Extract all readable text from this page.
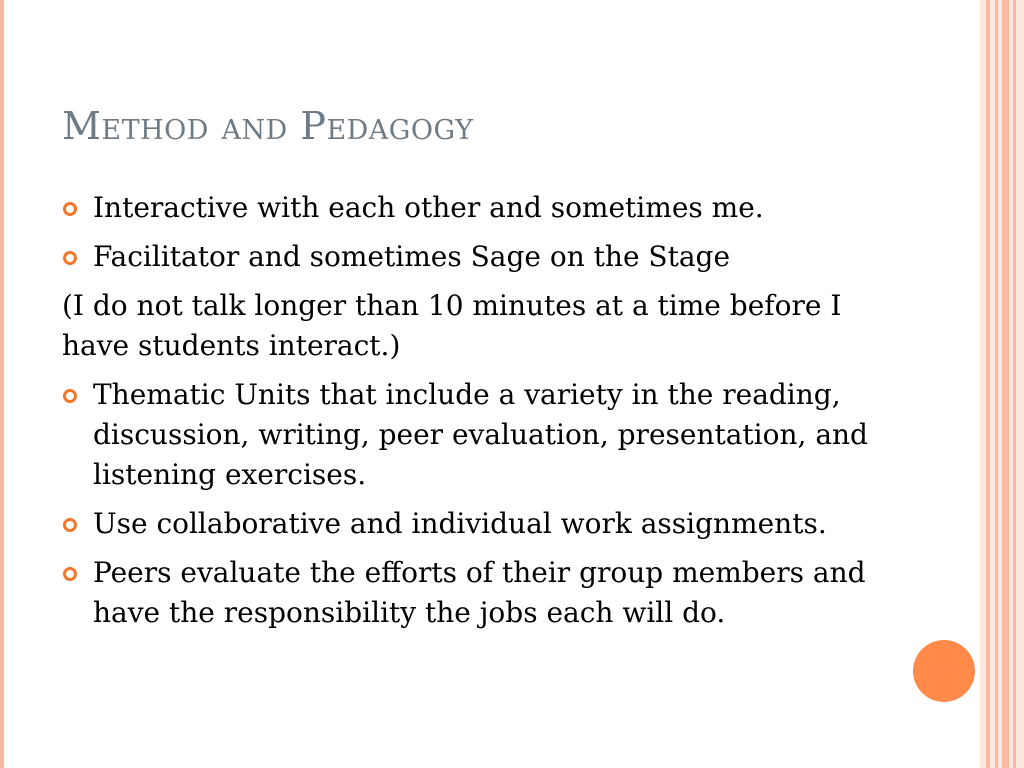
Method and Pedagogy
Interactive with each other and sometimes me.
Facilitator and sometimes Sage on the Stage
(I do not talk longer than 10 minutes at a time before I have students interact.)
Thematic Units that include a variety in the reading, discussion, writing, peer evaluation, presentation, and listening exercises.
Use collaborative and individual work assignments.
Peers evaluate the efforts of their group members and have the responsibility the jobs each will do.
